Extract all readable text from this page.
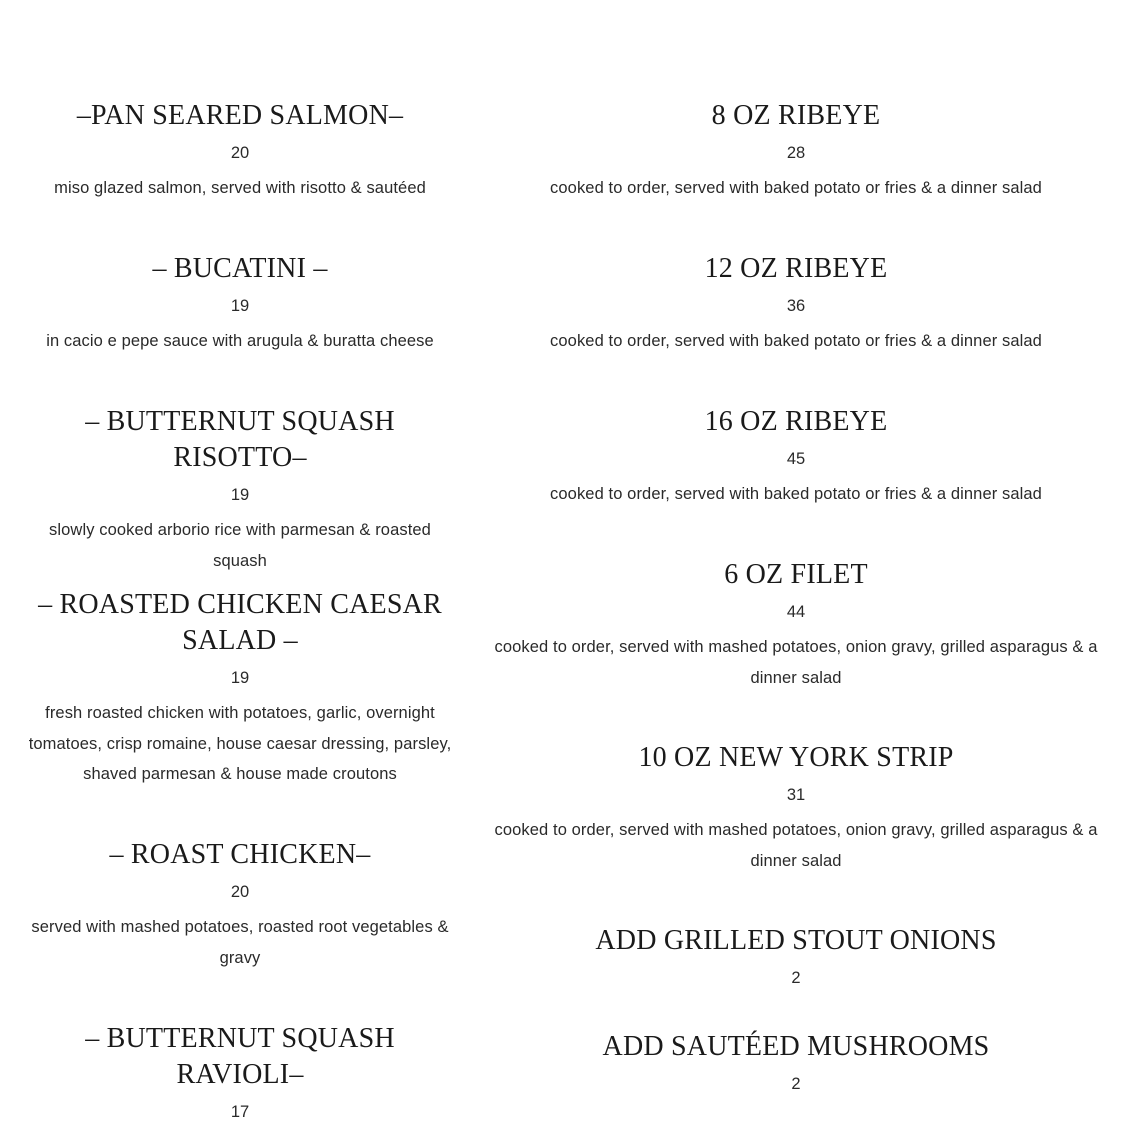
–PAN SEARED SALMON–
20
miso glazed salmon, served with risotto & sautéed
– BUCATINI –
19
in cacio e pepe sauce with arugula & buratta cheese
– BUTTERNUT SQUASH RISOTTO–
19
slowly cooked arborio rice with parmesan & roasted squash
– ROASTED CHICKEN CAESAR SALAD –
19
fresh roasted chicken with potatoes, garlic, overnight tomatoes, crisp romaine, house caesar dressing, parsley, shaved parmesan & house made croutons
– ROAST CHICKEN–
20
served with mashed potatoes, roasted root vegetables & gravy
– BUTTERNUT SQUASH RAVIOLI–
17
8 OZ RIBEYE
28
cooked to order, served with baked potato or fries & a dinner salad
12 OZ RIBEYE
36
cooked to order, served with baked potato or fries & a dinner salad
16 OZ RIBEYE
45
cooked to order, served with baked potato or fries & a dinner salad
6 OZ FILET
44
cooked to order, served with mashed potatoes, onion gravy, grilled asparagus & a dinner salad
10 OZ NEW YORK STRIP
31
cooked to order, served with mashed potatoes, onion gravy, grilled asparagus & a dinner salad
ADD GRILLED STOUT ONIONS
2
ADD SAUTÉED MUSHROOMS
2
